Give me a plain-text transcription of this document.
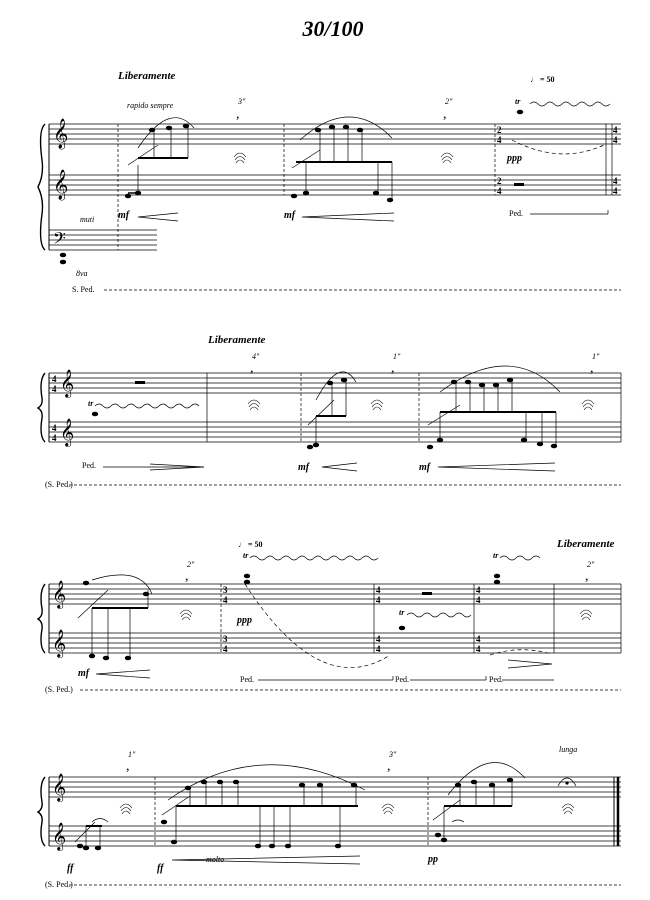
30/100
Liberamente
rapido sempre	3"
,
2"
,
♩ = 50
tr
mf	mf
ppp
muti
8va
Ped.
S. Ped.
2
4
2
4
4
4
4
4
𝄞
𝄞
𝄢
Liberamente
4"
,
1"
,
1"
,
tr
mf	mf
Ped.
(S. Ped.)
4
4
4
4
𝄞
𝄞
♩ = 50	Liberamente
2"
,
2"
,
tr
tr
tr
mf
ppp
Ped.	Ped.	Ped.
(S. Ped.)
3
4
3
4
4
4
4
4
4
4
4
4
𝄞
𝄞
1"
,
3"
,
lunga
ff	ff
molto	pp
(S. Ped.)
𝄞
𝄞
